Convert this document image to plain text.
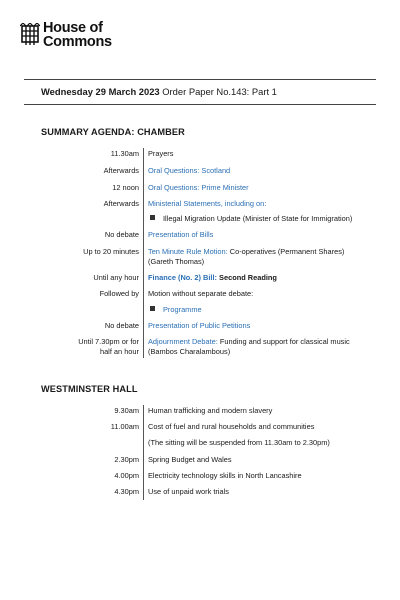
House of
Commons
Wednesday 29 March 2023 Order Paper No.143: Part 1
SUMMARY AGENDA: CHAMBER
11.30am Prayers
Afterwards Oral Questions: Scotland
12 noon Oral Questions: Prime Minister
Afterwards Ministerial Statements, including on:
Illegal Migration Update (Minister of State for Immigration)
No debate Presentation of Bills
Up to 20 minutes Ten Minute Rule Motion: Co-operatives (Permanent Shares)
(Gareth Thomas)
Until any hour Finance (No. 2) Bill: Second Reading
Followed by Motion without separate debate:
Programme
No debate Presentation of Public Petitions
Until 7.30pm or for
half an hour
Adjournment Debate: Funding and support for classical music
(Bambos Charalambous)
WESTMINSTER HALL
9.30am Human trafficking and modern slavery
11.00am Cost of fuel and rural households and communities
(The sitting will be suspended from 11.30am to 2.30pm)
2.30pm Spring Budget and Wales
4.00pm Electricity technology skills in North Lancashire
4.30pm Use of unpaid work trials
